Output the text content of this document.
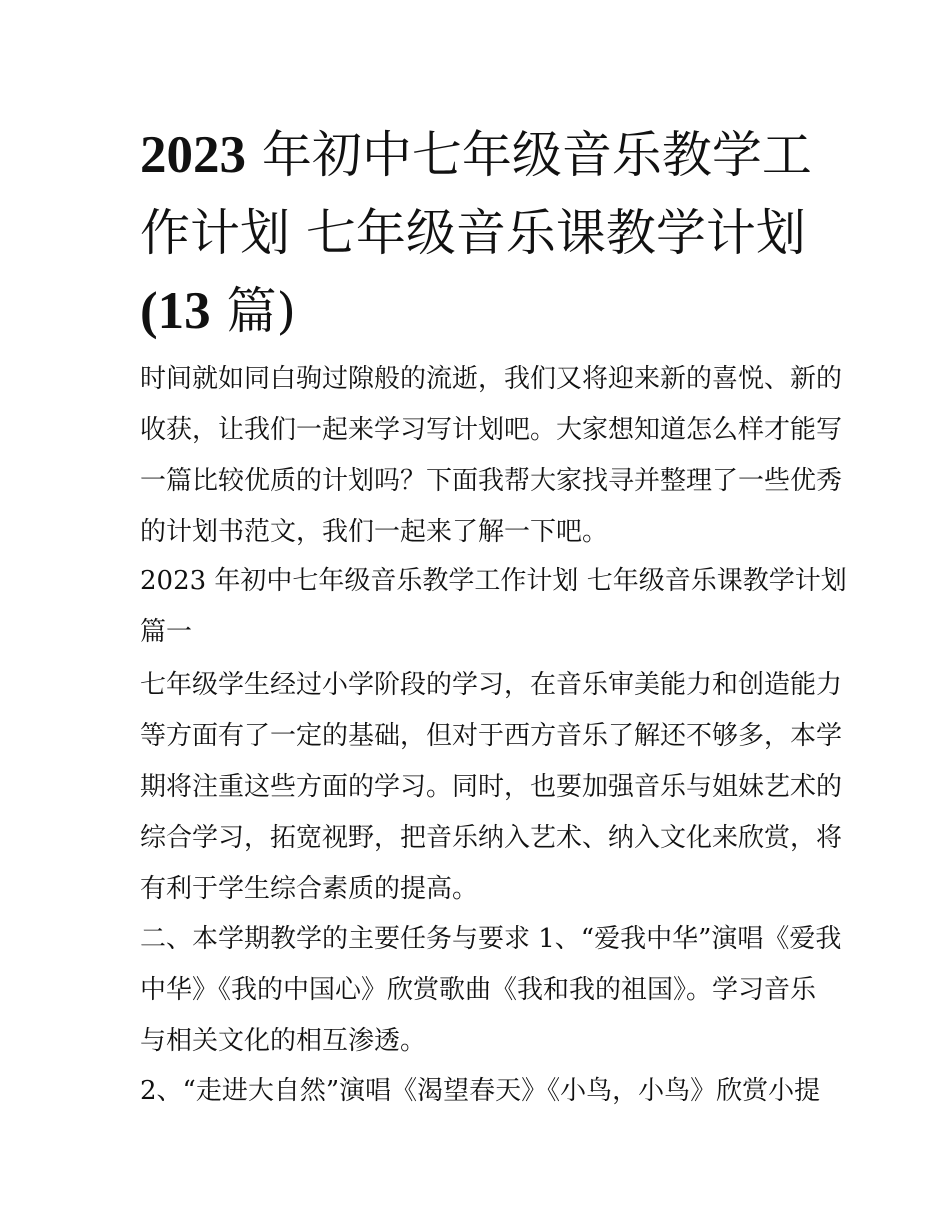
2023 年初中七年级音乐教学工
作计划 七年级音乐课教学计划
(13 篇)
时间就如同白驹过隙般的流逝，我们又将迎来新的喜悦、新的
收获，让我们一起来学习写计划吧。大家想知道怎么样才能写
一篇比较优质的计划吗？下面我帮大家找寻并整理了一些优秀
的计划书范文，我们一起来了解一下吧。
2023 年初中七年级音乐教学工作计划 七年级音乐课教学计划
篇一
七年级学生经过小学阶段的学习，在音乐审美能力和创造能力
等方面有了一定的基础，但对于西方音乐了解还不够多，本学
期将注重这些方面的学习。同时，也要加强音乐与姐妹艺术的
综合学习，拓宽视野，把音乐纳入艺术、纳入文化来欣赏，将
有利于学生综合素质的提高。
二、本学期教学的主要任务与要求 1、“爱我中华”演唱《爱我
中华》《我的中国心》欣赏歌曲《我和我的祖国》。学习音乐
与相关文化的相互渗透。
2、“走进大自然”演唱《渴望春天》《小鸟，小鸟》欣赏小提
